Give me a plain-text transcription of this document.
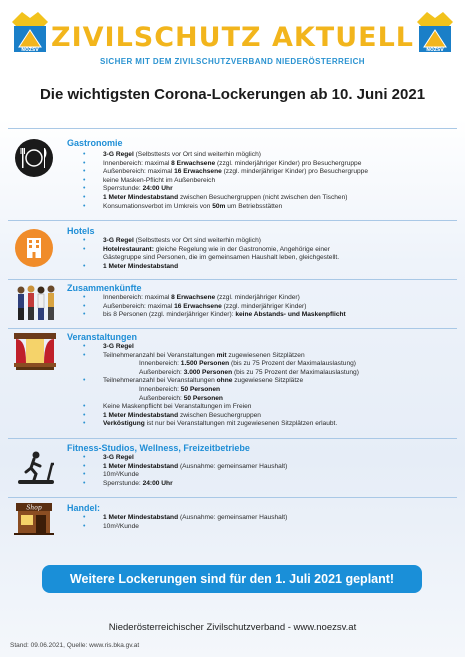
NÖZSV	NÖZSV
ZIVILSCHUTZ AKTUELL
SICHER MIT DEM ZIVILSCHUTZVERBAND NIEDERÖSTERREICH
Die wichtigsten Corona-Lockerungen ab 10. Juni 2021
Gastronomie
• 3-G Regel (Selbsttests vor Ort sind weiterhin möglich)
• Innenbereich: maximal 8 Erwachsene (zzgl. minderjähriger Kinder) pro Besuchergruppe
• Außenbereich: maximal 16 Erwachsene (zzgl. minderjähriger Kinder) pro Besuchergruppe
• keine Masken-Pflicht im Außenbereich
• Sperrstunde: 24:00 Uhr
• 1 Meter Mindestabstand zwischen Besuchergruppen (nicht zwischen den Tischen)
• Konsumationsverbot im Umkreis von 50m um Betriebsstätten
Hotels
• 3-G Regel (Selbsttests vor Ort sind weiterhin möglich)
• Hotelrestaurant: gleiche Regelung wie in der Gastronomie, Angehörige einer
Gästegruppe sind Personen, die im gemeinsamen Haushalt leben, gleichgestellt.
• 1 Meter Mindestabstand
Zusammenkünfte
• Innenbereich: maximal 8 Erwachsene (zzgl. minderjähriger Kinder)
• Außenbereich: maximal 16 Erwachsene (zzgl. minderjähriger Kinder)
• bis 8 Personen (zzgl. minderjähriger Kinder): keine Abstands- und Maskenpflicht
Veranstaltungen
• 3-G Regel
• Teilnehmeranzahl bei Veranstaltungen mit zugewiesenen Sitzplätzen
Innenbereich: 1.500 Personen (bis zu 75 Prozent der Maximalauslastung)
Außenbereich: 3.000 Personen (bis zu 75 Prozent der Maximalauslastung)
• Teilnehmeranzahl bei Veranstaltungen ohne zugewiesene Sitzplätze
Innenbereich: 50 Personen
Außenbereich: 50 Personen
• Keine Maskenpflicht bei Veranstaltungen im Freien
• 1 Meter Mindestabstand zwischen Besuchergruppen
• Verköstigung ist nur bei Veranstaltungen mit zugewiesenen Sitzplätzen erlaubt.
Fitness-Studios, Wellness, Freizeitbetriebe
• 3-G Regel
• 1 Meter Mindestabstand (Ausnahme: gemeinsamer Haushalt)
• 10m²/Kunde
• Sperrstunde: 24:00 Uhr
Shop	Handel:
• 1 Meter Mindestabstand (Ausnahme: gemeinsamer Haushalt)
• 10m²/Kunde
Weitere Lockerungen sind für den 1. Juli 2021 geplant!
Niederösterreichischer Zivilschutzverband - www.noezsv.at
Stand: 09.06.2021, Quelle: www.ris.bka.gv.at
